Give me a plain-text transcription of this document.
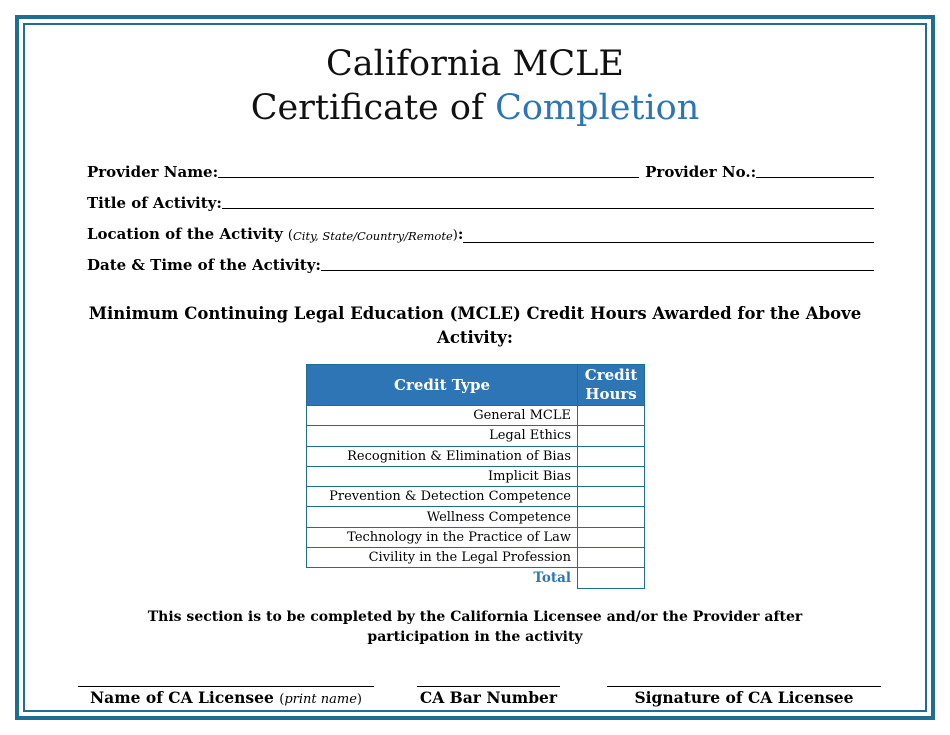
California MCLE
Certificate of Completion
Provider Name:	Provider No.:
Title of Activity:
Location of the Activity ( City, State/Country/Remote ) :
Date & Time of the Activity:
Minimum Continuing Legal Education (MCLE) Credit Hours Awarded for the Above Activity:
Credit Type	Credit
Hours
General MCLE	
Legal Ethics	
Recognition & Elimination of Bias	
Implicit Bias	
Prevention & Detection Competence	
Wellness Competence	
Technology in the Practice of Law	
Civility in the Legal Profession	
Total	
This section is to be completed by the California Licensee and/or the Provider after participation in the activity
Name of CA Licensee (print name)	CA Bar Number	Signature of CA Licensee
